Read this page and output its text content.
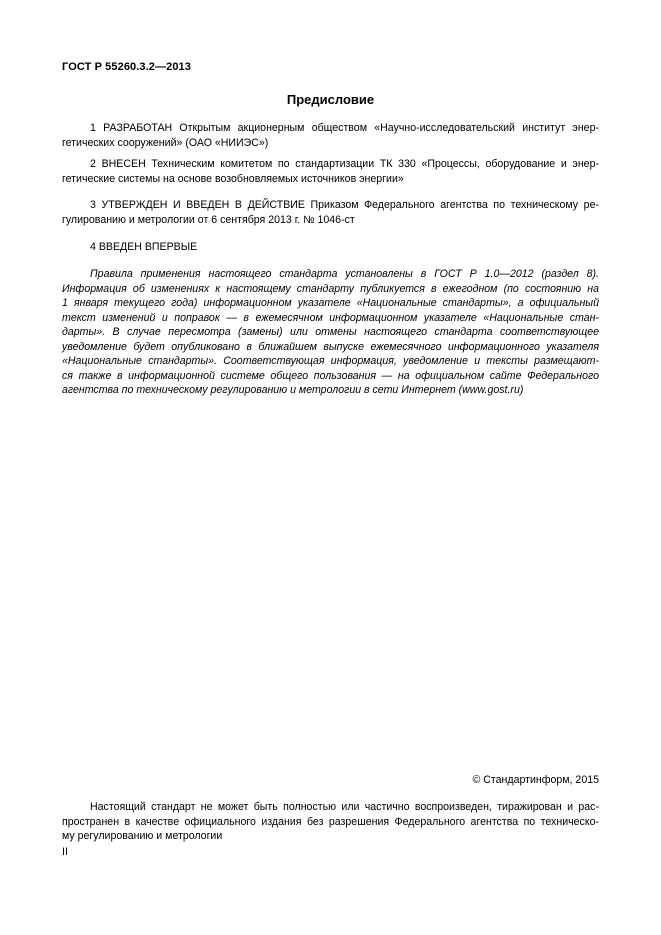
ГОСТ Р 55260.3.2—2013
Предисловие

1 РАЗРАБОТАН Открытым акционерным обществом «Научно-исследовательский институт энер-
гетических сооружений» (ОАО «НИИЭС»)

2 ВНЕСЕН Техническим комитетом по стандартизации ТК 330 «Процессы, оборудование и энер-
гетические системы на основе возобновляемых источников энергии»

3 УТВЕРЖДЕН И ВВЕДЕН В ДЕЙСТВИЕ Приказом Федерального агентства по техническому ре-
гулированию и метрологии от 6 сентября 2013 г. № 1046-ст

4 ВВЕДЕН ВПЕРВЫЕ

Правила применения настоящего стандарта установлены в ГОСТ Р 1.0—2012 (раздел 8).
Информация об изменениях к настоящему стандарту публикуется в ежегодном (по состоянию на
1 января текущего года) информационном указателе «Национальные стандарты», а официальный
текст изменений и поправок — в ежемесячном информационном указателе «Национальные стан-
дарты». В случае пересмотра (замены) или отмены настоящего стандарта соответствующее
уведомление будет опубликовано в ближайшем выпуске ежемесячного информационного указателя
«Национальные стандарты». Соответствующая информация, уведомление и тексты размещают-
ся также в информационной системе общего пользования — на официальном сайте Федерального
агентства по техническому регулированию и метрологии в сети Интернет (www.gost.ru)

© Стандартинформ, 2015

Настоящий стандарт не может быть полностью или частично воспроизведен, тиражирован и рас-
пространен в качестве официального издания без разрешения Федерального агентства по техническо-
му регулированию и метрологии

II
